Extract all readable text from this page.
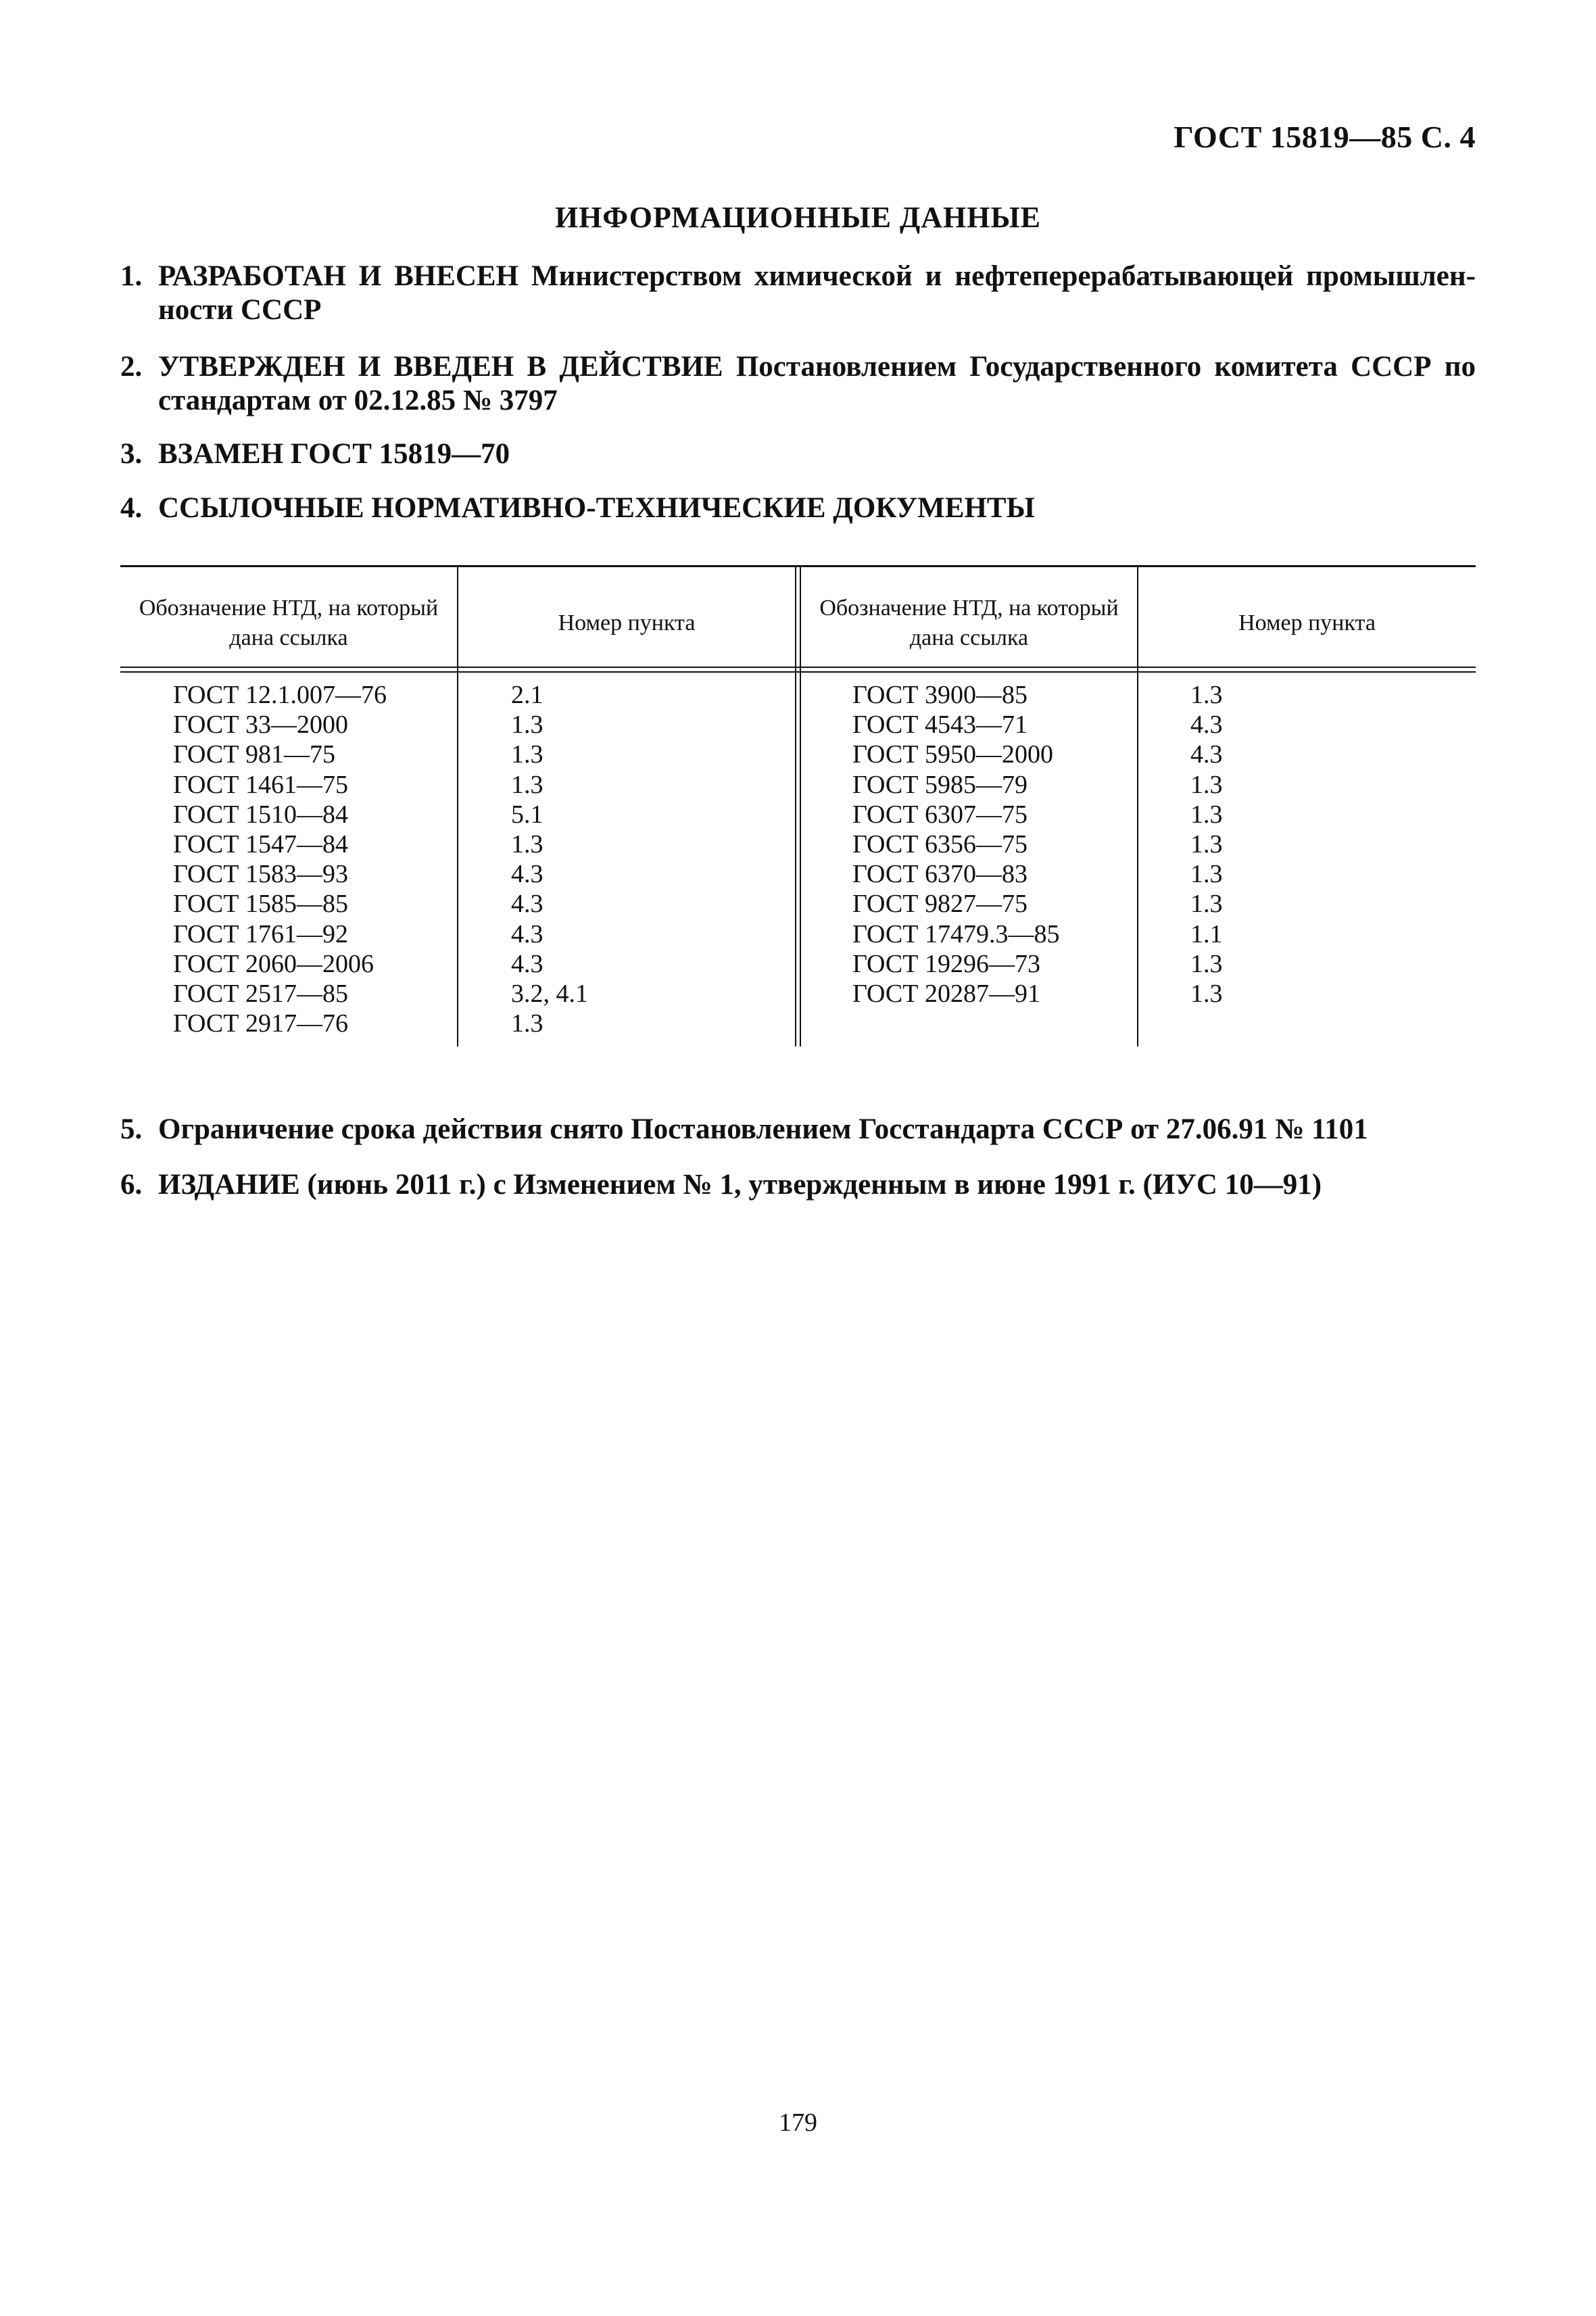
ГОСТ 15819—85 С. 4
ИНФОРМАЦИОННЫЕ ДАННЫЕ
1. РАЗРАБОТАН И ВНЕСЕН Министерством химической и нефтеперерабатывающей промышлен-ности СССР
2. УТВЕРЖДЕН И ВВЕДЕН В ДЕЙСТВИЕ Постановлением Государственного комитета СССР по стандартам от 02.12.85 № 3797
3. ВЗАМЕН ГОСТ 15819—70
4. ССЫЛОЧНЫЕ НОРМАТИВНО-ТЕХНИЧЕСКИЕ ДОКУМЕНТЫ
Обозначение НТД, на который дана ссылка
Номер пункта
Обозначение НТД, на который дана ссылка
Номер пункта
ГОСТ 12.1.007—76
ГОСТ 33—2000
ГОСТ 981—75
ГОСТ 1461—75
ГОСТ 1510—84
ГОСТ 1547—84
ГОСТ 1583—93
ГОСТ 1585—85
ГОСТ 1761—92
ГОСТ 2060—2006
ГОСТ 2517—85
ГОСТ 2917—76
2.1
1.3
1.3
1.3
5.1
1.3
4.3
4.3
4.3
4.3
3.2, 4.1
1.3
ГОСТ 3900—85
ГОСТ 4543—71
ГОСТ 5950—2000
ГОСТ 5985—79
ГОСТ 6307—75
ГОСТ 6356—75
ГОСТ 6370—83
ГОСТ 9827—75
ГОСТ 17479.3—85
ГОСТ 19296—73
ГОСТ 20287—91
1.3
4.3
4.3
1.3
1.3
1.3
1.3
1.3
1.1
1.3
1.3
5. Ограничение срока действия снято Постановлением Госстандарта СССР от 27.06.91 № 1101
6. ИЗДАНИЕ (июнь 2011 г.) с Изменением № 1, утвержденным в июне 1991 г. (ИУС 10—91)
179
